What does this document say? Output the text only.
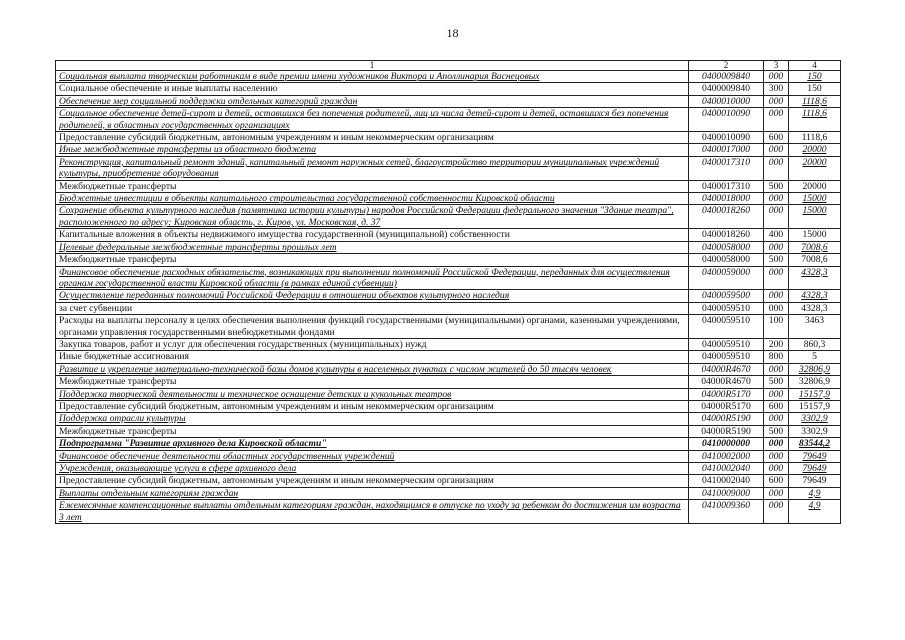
18
1	2	3	4
Социальная выплата творческим работникам в виде премии имени художников Виктора и Аполлинария Васнецовых	0400009840	000	150
Социальное обеспечение и иные выплаты населению	0400009840	300	150
Обеспечение мер социальной поддержки отдельных категорий граждан	0400010000	000	1118,6
Социальное обеспечение детей-сирот и детей, оставшихся без попечения родителей, лиц из числа детей-сирот и детей, оставшихся без попечения родителей, в областных государственных организациях	0400010090	000	1118,6
Предоставление субсидий бюджетным, автономным учреждениям и иным некоммерческим организациям	0400010090	600	1118,6
Иные межбюджетные трансферты из областного бюджета	0400017000	000	20000
Реконструкция, капитальный ремонт зданий, капитальный ремонт наружных сетей, благоустройство территории муниципальных учреждений культуры, приобретение оборудования	0400017310	000	20000
Межбюджетные трансферты	0400017310	500	20000
Бюджетные инвестиции в объекты капитального строительства государственной собственности Кировской области	0400018000	000	15000
Сохранение объекта культурного наследия (памятника истории культуры) народов Российской Федерации федерального значения "Здание театра", расположенного по адресу: Кировская область, г. Киров, ул. Московская, д. 37	0400018260	000	15000
Капитальные вложения в объекты недвижимого имущества государственной (муниципальной) собственности	0400018260	400	15000
Целевые федеральные межбюджетные трансферты прошлых лет	0400058000	000	7008,6
Межбюджетные трансферты	0400058000	500	7008,6
Финансовое обеспечение расходных обязательств, возникающих при выполнении полномочий Российской Федерации, переданных для осуществления органам государственной власти Кировской области (в рамках единой субвенции)	0400059000	000	4328,3
Осуществление переданных полномочий Российской Федерации в отношении объектов культурного наследия	0400059500	000	4328,3
за счет субвенции	0400059510	000	4328,3
Расходы на выплаты персоналу в целях обеспечения выполнения функций государственными (муниципальными) органами, казенными учреждениями, органами управления государственными внебюджетными фондами	0400059510	100	3463
Закупка товаров, работ и услуг для обеспечения государственных (муниципальных) нужд	0400059510	200	860,3
Иные бюджетные ассигнования	0400059510	800	5
Развитие и укрепление материально-технической базы домов культуры в населенных пунктах с числом жителей до 50 тысяч человек	04000R4670	000	32806,9
Межбюджетные трансферты	04000R4670	500	32806,9
Поддержка творческой деятельности и техническое оснащение детских и кукольных театров	04000R5170	000	15157,9
Предоставление субсидий бюджетным, автономным учреждениям и иным некоммерческим организациям	04000R5170	600	15157,9
Поддержка отрасли культуры	04000R5190	000	3302,9
Межбюджетные трансферты	04000R5190	500	3302,9
Подпрограмма "Развитие архивного дела Кировской области"	0410000000	000	83544,2
Финансовое обеспечение деятельности областных государственных учреждений	0410002000	000	79649
Учреждения, оказывающие услуги в сфере архивного дела	0410002040	000	79649
Предоставление субсидий бюджетным, автономным учреждениям и иным некоммерческим организациям	0410002040	600	79649
Выплаты отдельным категориям граждан	0410009000	000	4,9
Ежемесячные компенсационные выплаты отдельным категориям граждан, находящимся в отпуске по уходу за ребенком до достижения им возраста 3 лет	0410009360	000	4,9
